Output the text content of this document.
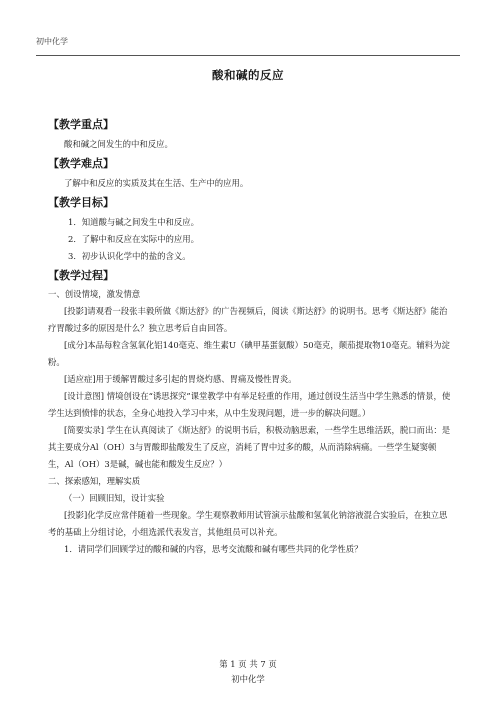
初中化学
酸和碱的反应

【教学重点】

酸和碱之间发生的中和反应。

【教学难点】

了解中和反应的实质及其在生活、生产中的应用。

【教学目标】

1．知道酸与碱之间发生中和反应。

2．了解中和反应在实际中的应用。

3．初步认识化学中的盐的含义。

【教学过程】

一、创设情境，激发情意

[投影]请观看一段张丰毅所做《斯达舒》的广告视频后，阅读《斯达舒》的说明书。思考《斯达舒》能治疗胃酸过多的原因是什么？独立思考后自由回答。

[成分]本品每粒含氢氧化铝140毫克、维生素U（碘甲基蛋氨酸）50毫克，颠茄提取物10毫克。辅料为淀粉。

[适应症]用于缓解胃酸过多引起的胃烧灼感、胃痛及慢性胃炎。

[设计意图] 情境创设在“诱思探究”课堂教学中有举足轻重的作用，通过创设生活当中学生熟悉的情景，使学生达到愤悱的状态，全身心地投入学习中来，从中生发现问题，进一步的解决问题。）

[简要实录] 学生在认真阅读了《斯达舒》的说明书后，积极动脑思索，一些学生思维活跃，脱口而出：是其主要成分Al（OH）3与胃酸即盐酸发生了反应，消耗了胃中过多的酸，从而消除病痛。一些学生疑窦顿生，Al（OH）3是碱，碱也能和酸发生反应？）

二、探索感知，理解实质

（一）回顾旧知，设计实验

[投影]化学反应常伴随着一些现象。学生观察教师用试管演示盐酸和氢氧化钠溶液混合实验后，在独立思考的基础上分组讨论，小组选派代表发言，其他组员可以补充。

1．请同学们回顾学过的酸和碱的内容，思考交流酸和碱有哪些共同的化学性质？

第 1 页 共 7 页
初中化学
